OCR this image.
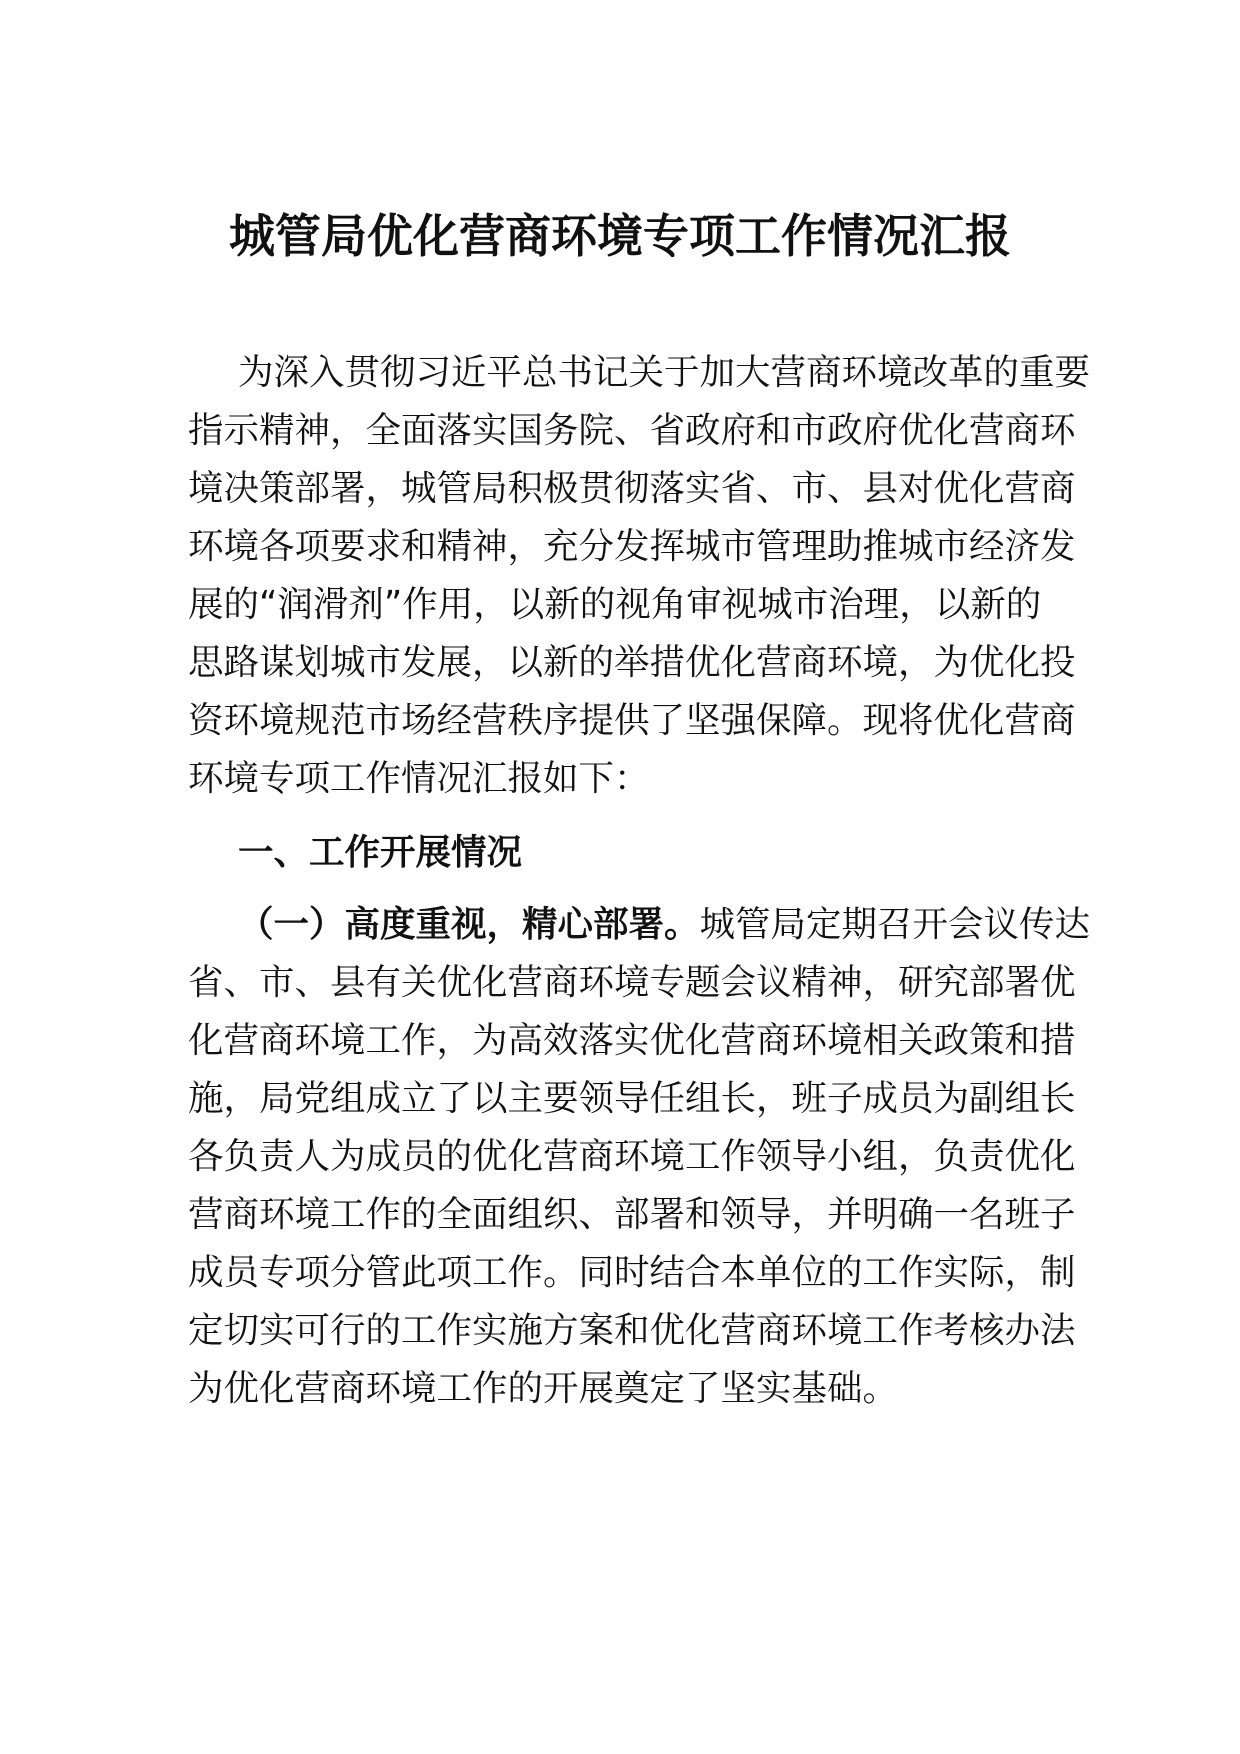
城管局优化营商环境专项工作情况汇报
为深入贯彻习近平总书记关于加大营商环境改革的重要
指示精神，全面落实国务院、省政府和市政府优化营商环
境决策部署，城管局积极贯彻落实省、市、县对优化营商
环境各项要求和精神，充分发挥城市管理助推城市经济发
展的“润滑剂”作用，以新的视角审视城市治理，以新的
思路谋划城市发展，以新的举措优化营商环境，为优化投
资环境规范市场经营秩序提供了坚强保障。现将优化营商
环境专项工作情况汇报如下：
一、工作开展情况
（一）高度重视，精心部署。城管局定期召开会议传达
省、市、县有关优化营商环境专题会议精神，研究部署优
化营商环境工作，为高效落实优化营商环境相关政策和措
施，局党组成立了以主要领导任组长，班子成员为副组长
各负责人为成员的优化营商环境工作领导小组，负责优化
营商环境工作的全面组织、部署和领导，并明确一名班子
成员专项分管此项工作。同时结合本单位的工作实际，制
定切实可行的工作实施方案和优化营商环境工作考核办法
为优化营商环境工作的开展奠定了坚实基础。
